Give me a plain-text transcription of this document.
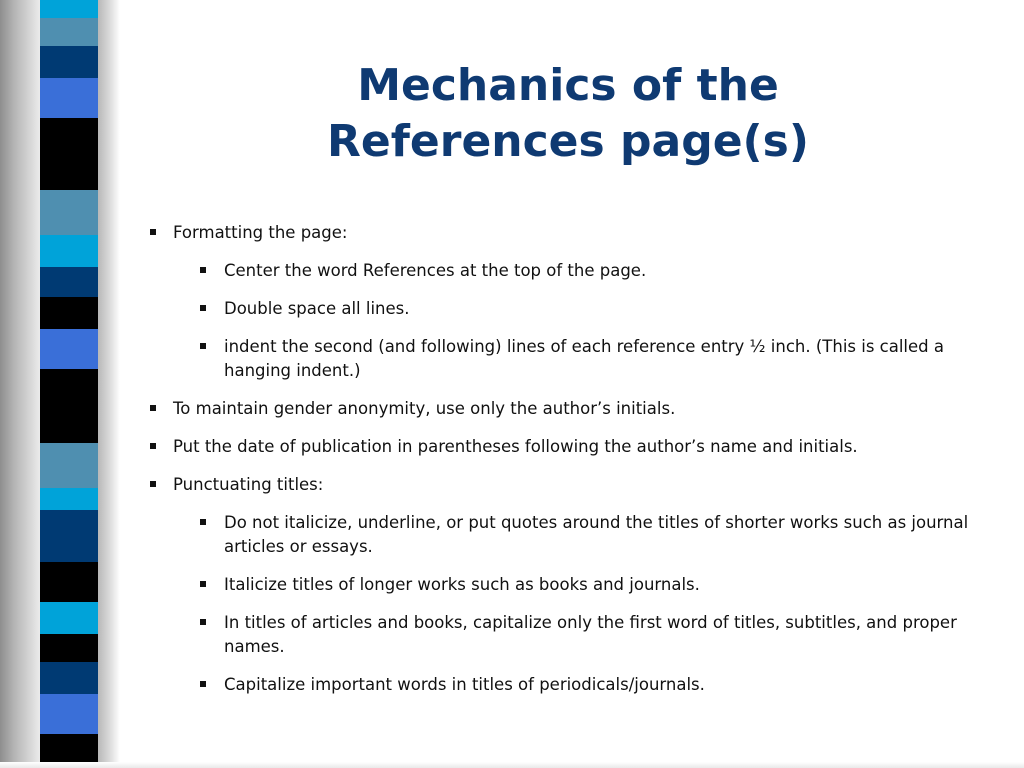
Mechanics of the
References page(s)
Formatting the page:
Center the word References at the top of the page.
Double space all lines.
indent the second (and following) lines of each reference entry ½ inch. (This is called a hanging indent.)
To maintain gender anonymity, use only the author’s initials.
Put the date of publication in parentheses following the author’s name and initials.
Punctuating titles:
Do not italicize, underline, or put quotes around the titles of shorter works such as journal articles or essays.
Italicize titles of longer works such as books and journals.
In titles of articles and books, capitalize only the first word of titles, subtitles, and proper names.
Capitalize important words in titles of periodicals/journals.
